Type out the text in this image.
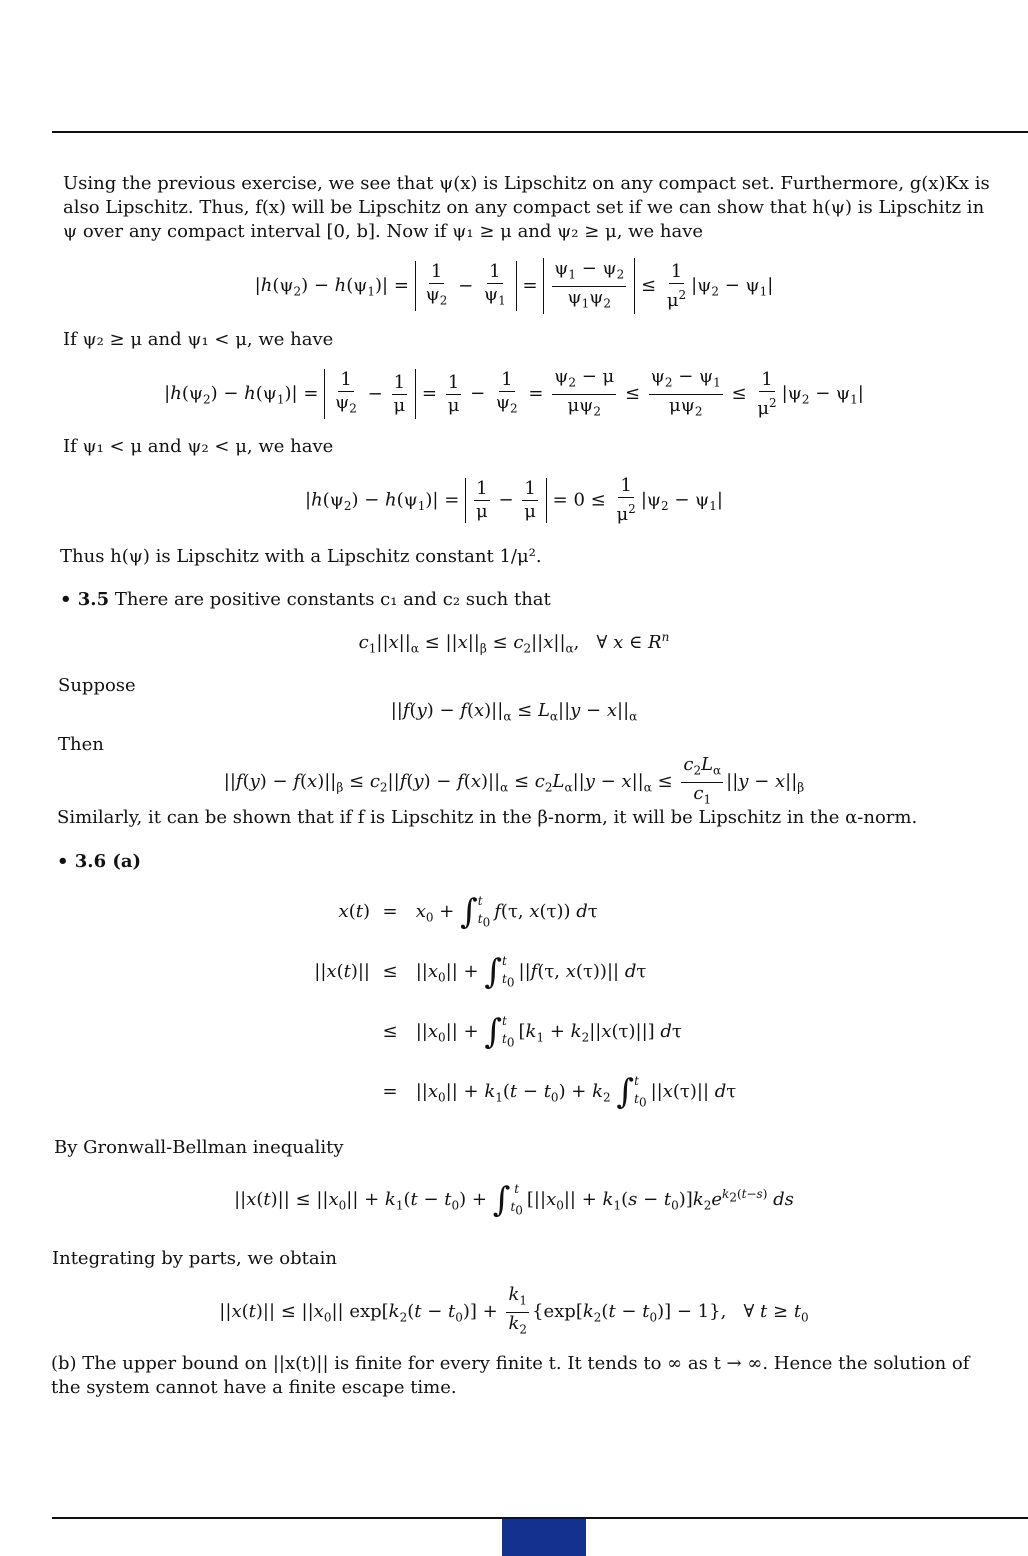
Using the previous exercise, we see that ψ(x) is Lipschitz on any compact set. Furthermore, g(x)Kx is also Lipschitz. Thus, f(x) will be Lipschitz on any compact set if we can show that h(ψ) is Lipschitz in ψ over any compact interval [0, b]. Now if ψ₁ ≥ μ and ψ₂ ≥ μ, we have

$|h(\psi_2) - h(\psi_1)| = \frac{1}{\psi_2} - \frac{1}{\psi_1} = \frac{\psi_1 - \psi_2}{\psi_1\psi_2} \le \frac{1}{\mu^2} |\psi_2 - \psi_1|$

If ψ₂ ≥ μ and ψ₁ < μ, we have

$|h(\psi_2) - h(\psi_1)| = \frac{1}{\psi_2} - \frac{1}{\mu} = \frac{1}{\mu} - \frac{1}{\psi_2} = \frac{\psi_2 - \mu}{\mu\psi_2} \le \frac{\psi_2 - \psi_1}{\mu\psi_2} \le \frac{1}{\mu^2} |\psi_2 - \psi_1|$

If ψ₁ < μ and ψ₂ < μ, we have

$|h(\psi_2) - h(\psi_1)| = \frac{1}{\mu} - \frac{1}{\mu} = 0 \le \frac{1}{\mu^2} |\psi_2 - \psi_1|$

Thus h(ψ) is Lipschitz with a Lipschitz constant 1/μ².

• 3.5 There are positive constants c₁ and c₂ such that

$c_1||x||_\alpha \le ||x||_\beta \le c_2||x||_\alpha$,   ∀ x ∈ $R^n$

Suppose

$||f(y) - f(x)||_\alpha \le L_\alpha||y - x||_\alpha$

Then

$||f(y) - f(x)||_\beta \le c_2||f(y) - f(x)||_\alpha \le c_2L_\alpha||y - x||_\alpha \le \frac{c_2L_\alpha}{c_1} ||y - x||_\beta$

Similarly, it can be shown that if f is Lipschitz in the β-norm, it will be Lipschitz in the α-norm.

• 3.6 (a)

$x(t) = x_0$ + ∫ t
$t_0$
f(τ, x(τ)) dτ
$||x(t)|| \le ||x_0||$ + ∫ t
$t_0$
||f(τ, x(τ))|| dτ
≤ $||x_0||$ + ∫ t
$t_0$
$[k_1 + k_2||x(\tau)||]$ dτ
= $||x_0|| + k_1(t - t_0) + k_2$ ∫ t
$t_0$
||x(τ)|| dτ

By Gronwall-Bellman inequality

$||x(t)|| \le ||x_0|| + k_1(t - t_0)$ + ∫ t
$t_0$
$[||x_0|| + k_1(s - t_0)]k_2e^{k_2(t-s)}$ ds

Integrating by parts, we obtain

$||x(t)|| \le ||x_0||$ $\exp[k_2(t - t_0)] + \frac{k_1}{k_2} \{\exp[k_2(t - t_0)] - 1\}$,   ∀ $t \ge t_0$

(b) The upper bound on ||x(t)|| is finite for every finite t. It tends to ∞ as t → ∞. Hence the solution of the system cannot have a finite escape time.
